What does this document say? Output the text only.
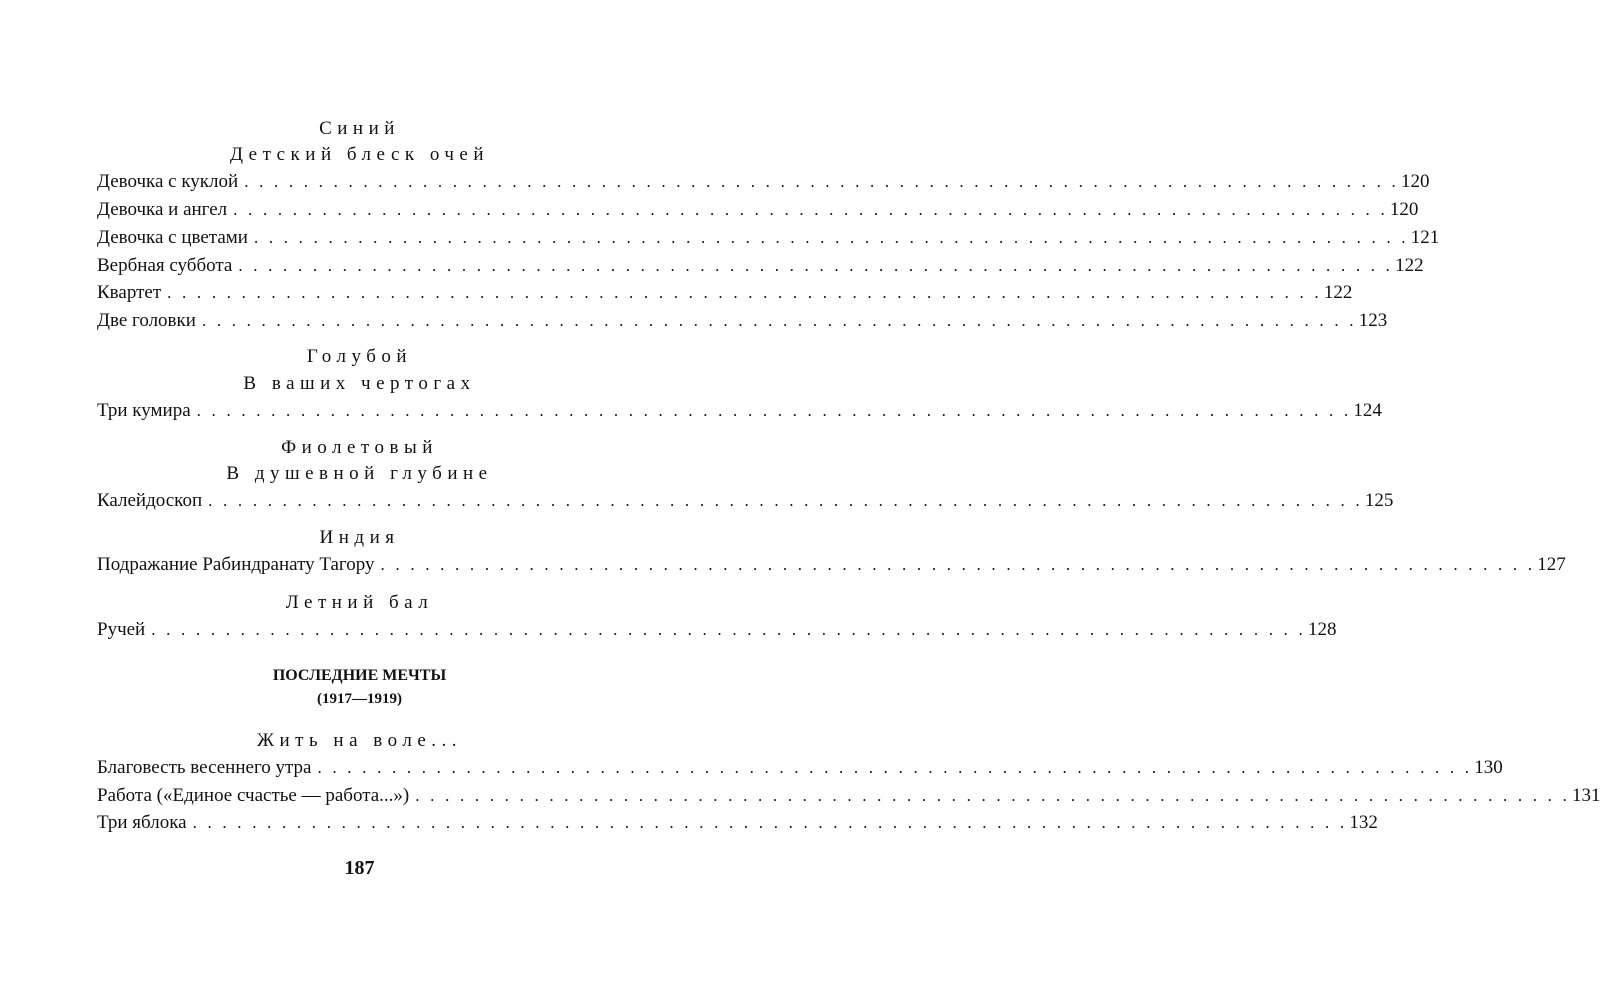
Синий
Детский блеск очей
Девочка с куклой . . . . . . . . . . . . . . . . . . . . . . . . . . . . . . . . . . . . . . . . . . . . . . . . . . . . . . . . . . . . . . . . . . . . . . . . . . . . . . 120
Девочка и ангел . . . . . . . . . . . . . . . . . . . . . . . . . . . . . . . . . . . . . . . . . . . . . . . . . . . . . . . . . . . . . . . . . . . . . . . . . . . . . . 120
Девочка с цветами . . . . . . . . . . . . . . . . . . . . . . . . . . . . . . . . . . . . . . . . . . . . . . . . . . . . . . . . . . . . . . . . . . . . . . . . . . . . . . 121
Вербная суббота . . . . . . . . . . . . . . . . . . . . . . . . . . . . . . . . . . . . . . . . . . . . . . . . . . . . . . . . . . . . . . . . . . . . . . . . . . . . . . 122
Квартет . . . . . . . . . . . . . . . . . . . . . . . . . . . . . . . . . . . . . . . . . . . . . . . . . . . . . . . . . . . . . . . . . . . . . . . . . . . . . . 122
Две головки . . . . . . . . . . . . . . . . . . . . . . . . . . . . . . . . . . . . . . . . . . . . . . . . . . . . . . . . . . . . . . . . . . . . . . . . . . . . . . 123
Голубой
В ваших чертогах
Три кумира . . . . . . . . . . . . . . . . . . . . . . . . . . . . . . . . . . . . . . . . . . . . . . . . . . . . . . . . . . . . . . . . . . . . . . . . . . . . . . 124
Фиолетовый
В душевной глубине
Калейдоскоп . . . . . . . . . . . . . . . . . . . . . . . . . . . . . . . . . . . . . . . . . . . . . . . . . . . . . . . . . . . . . . . . . . . . . . . . . . . . . . 125
Индия
Подражание Рабиндранату Тагору . . . . . . . . . . . . . . . . . . . . . . . . . . . . . . . . . . . . . . . . . . . . . . . . . . . . . . . . . . . . . . . . . . . . . . . . . . . . . . 127
Летний бал
Ручей . . . . . . . . . . . . . . . . . . . . . . . . . . . . . . . . . . . . . . . . . . . . . . . . . . . . . . . . . . . . . . . . . . . . . . . . . . . . . . 128
ПОСЛЕДНИЕ МЕЧТЫ
(1917—1919)
Жить на воле...
Благовесть весеннего утра . . . . . . . . . . . . . . . . . . . . . . . . . . . . . . . . . . . . . . . . . . . . . . . . . . . . . . . . . . . . . . . . . . . . . . . . . . . . . . 130
Работа («Единое счастье — работа...») . . . . . . . . . . . . . . . . . . . . . . . . . . . . . . . . . . . . . . . . . . . . . . . . . . . . . . . . . . . . . . . . . . . . . . . . . . . . . . 131
Три яблока . . . . . . . . . . . . . . . . . . . . . . . . . . . . . . . . . . . . . . . . . . . . . . . . . . . . . . . . . . . . . . . . . . . . . . . . . . . . . . 132
187
